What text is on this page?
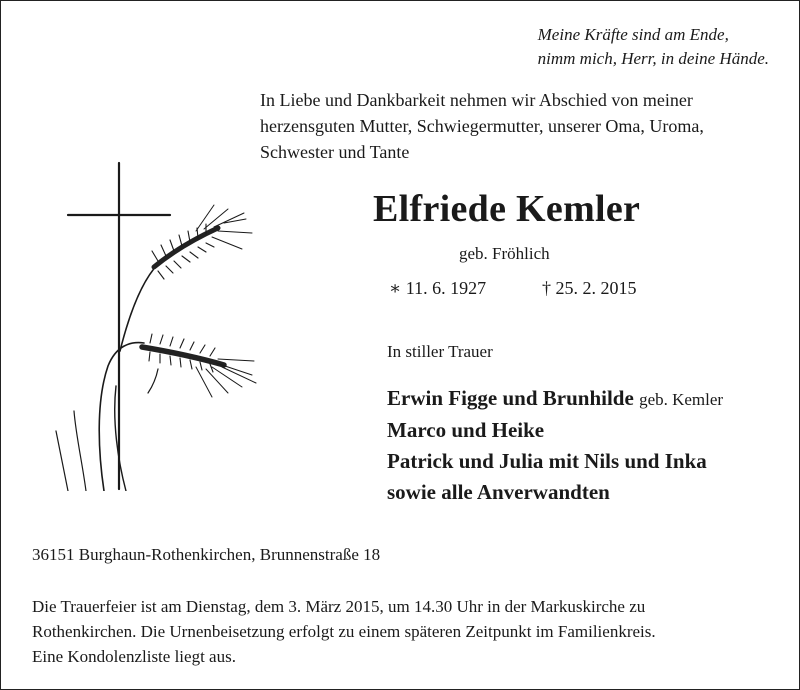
Meine Kräfte sind am Ende,
nimm mich, Herr, in deine Hände.
In Liebe und Dankbarkeit nehmen wir Abschied von meiner
herzensguten Mutter, Schwiegermutter, unserer Oma, Uroma,
Schwester und Tante
Elfriede Kemler
geb. Fröhlich
∗ 11. 6. 1927	† 25. 2. 2015
In stiller Trauer
Erwin Figge und Brunhilde geb. Kemler
Marco und Heike
Patrick und Julia mit Nils und Inka
sowie alle Anverwandten
36151 Burghaun-Rothenkirchen, Brunnenstraße 18
Die Trauerfeier ist am Dienstag, dem 3. März 2015, um 14.30 Uhr in der Markuskirche zu
Rothenkirchen. Die Urnenbeisetzung erfolgt zu einem späteren Zeitpunkt im Familienkreis.
Eine Kondolenzliste liegt aus.
